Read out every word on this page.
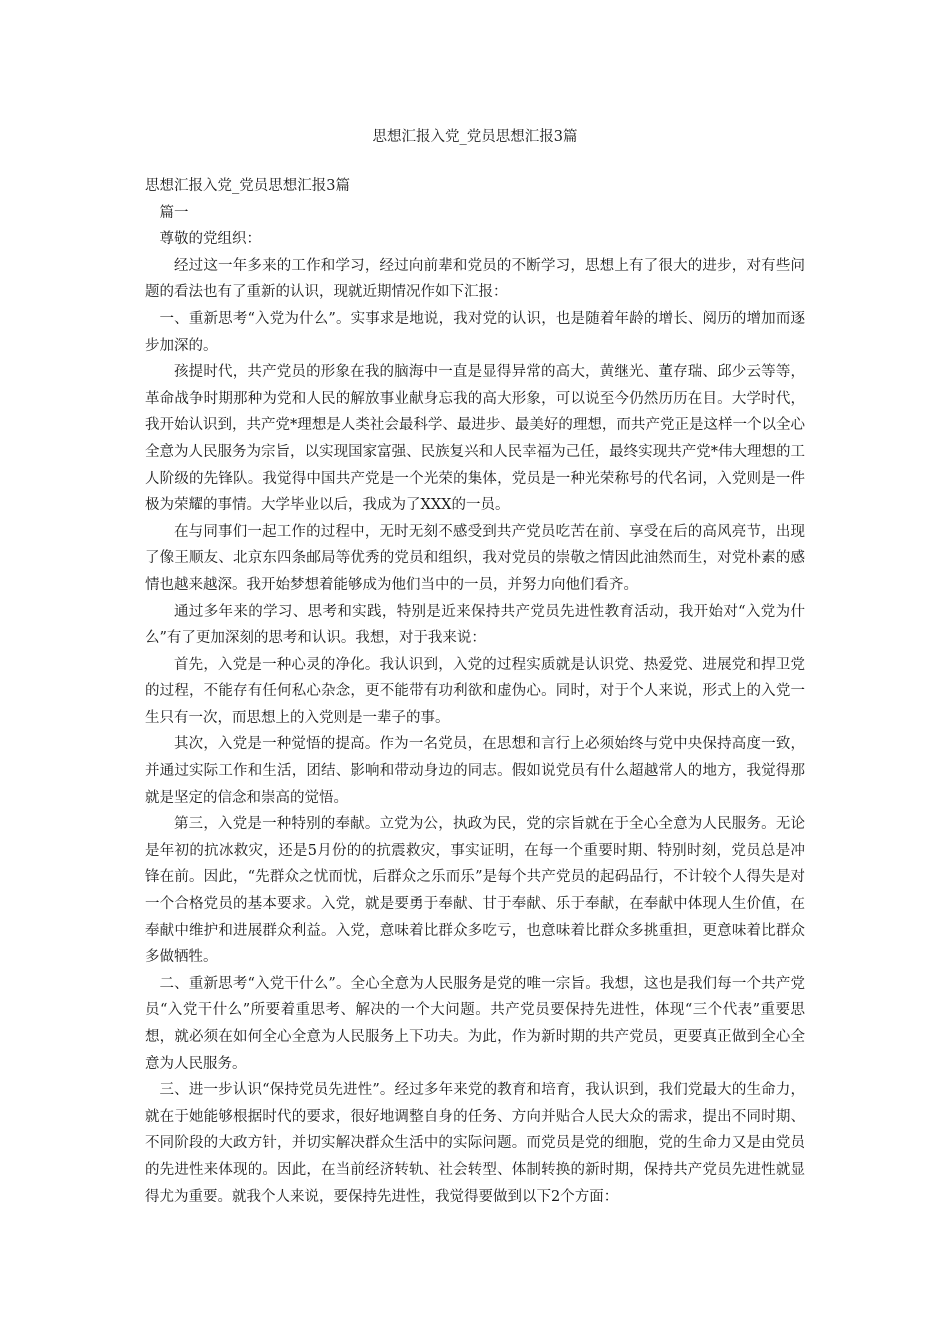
思想汇报入党_党员思想汇报3篇

思想汇报入党_党员思想汇报3篇

篇一

尊敬的党组织：

经过这一年多来的工作和学习，经过向前辈和党员的不断学习，思想上有了很大的进步，对有些问题的看法也有了重新的认识，现就近期情况作如下汇报：

一、重新思考“入党为什么”。实事求是地说，我对党的认识，也是随着年龄的增长、阅历的增加而逐步加深的。

孩提时代，共产党员的形象在我的脑海中一直是显得异常的高大，黄继光、董存瑞、邱少云等等，革命战争时期那种为党和人民的解放事业献身忘我的高大形象，可以说至今仍然历历在目。大学时代，我开始认识到，共产党*理想是人类社会最科学、最进步、最美好的理想，而共产党正是这样一个以全心全意为人民服务为宗旨，以实现国家富强、民族复兴和人民幸福为己任，最终实现共产党*伟大理想的工人阶级的先锋队。我觉得中国共产党是一个光荣的集体，党员是一种光荣称号的代名词，入党则是一件极为荣耀的事情。大学毕业以后，我成为了XXX的一员。

在与同事们一起工作的过程中，无时无刻不感受到共产党员吃苦在前、享受在后的高风亮节，出现了像王顺友、北京东四条邮局等优秀的党员和组织，我对党员的崇敬之情因此油然而生，对党朴素的感情也越来越深。我开始梦想着能够成为他们当中的一员，并努力向他们看齐。

通过多年来的学习、思考和实践，特别是近来保持共产党员先进性教育活动，我开始对“入党为什么”有了更加深刻的思考和认识。我想，对于我来说：

首先，入党是一种心灵的净化。我认识到，入党的过程实质就是认识党、热爱党、进展党和捍卫党的过程，不能存有任何私心杂念，更不能带有功利欲和虚伪心。同时，对于个人来说，形式上的入党一生只有一次，而思想上的入党则是一辈子的事。

其次，入党是一种觉悟的提高。作为一名党员，在思想和言行上必须始终与党中央保持高度一致，并通过实际工作和生活，团结、影响和带动身边的同志。假如说党员有什么超越常人的地方，我觉得那就是坚定的信念和崇高的觉悟。

第三，入党是一种特别的奉献。立党为公，执政为民，党的宗旨就在于全心全意为人民服务。无论是年初的抗冰救灾，还是5月份的的抗震救灾，事实证明，在每一个重要时期、特别时刻，党员总是冲锋在前。因此，“先群众之忧而忧，后群众之乐而乐”是每个共产党员的起码品行，不计较个人得失是对一个合格党员的基本要求。入党，就是要勇于奉献、甘于奉献、乐于奉献，在奉献中体现人生价值，在奉献中维护和进展群众利益。入党，意味着比群众多吃亏，也意味着比群众多挑重担，更意味着比群众多做牺牲。

二、重新思考“入党干什么”。全心全意为人民服务是党的唯一宗旨。我想，这也是我们每一个共产党员“入党干什么”所要着重思考、解决的一个大问题。共产党员要保持先进性，体现“三个代表”重要思想，就必须在如何全心全意为人民服务上下功夫。为此，作为新时期的共产党员，更要真正做到全心全意为人民服务。

三、进一步认识“保持党员先进性”。经过多年来党的教育和培育，我认识到，我们党最大的生命力，就在于她能够根据时代的要求，很好地调整自身的任务、方向并贴合人民大众的需求，提出不同时期、不同阶段的大政方针，并切实解决群众生活中的实际问题。而党员是党的细胞，党的生命力又是由党员的先进性来体现的。因此，在当前经济转轨、社会转型、体制转换的新时期，保持共产党员先进性就显得尤为重要。就我个人来说，要保持先进性，我觉得要做到以下2个方面：
